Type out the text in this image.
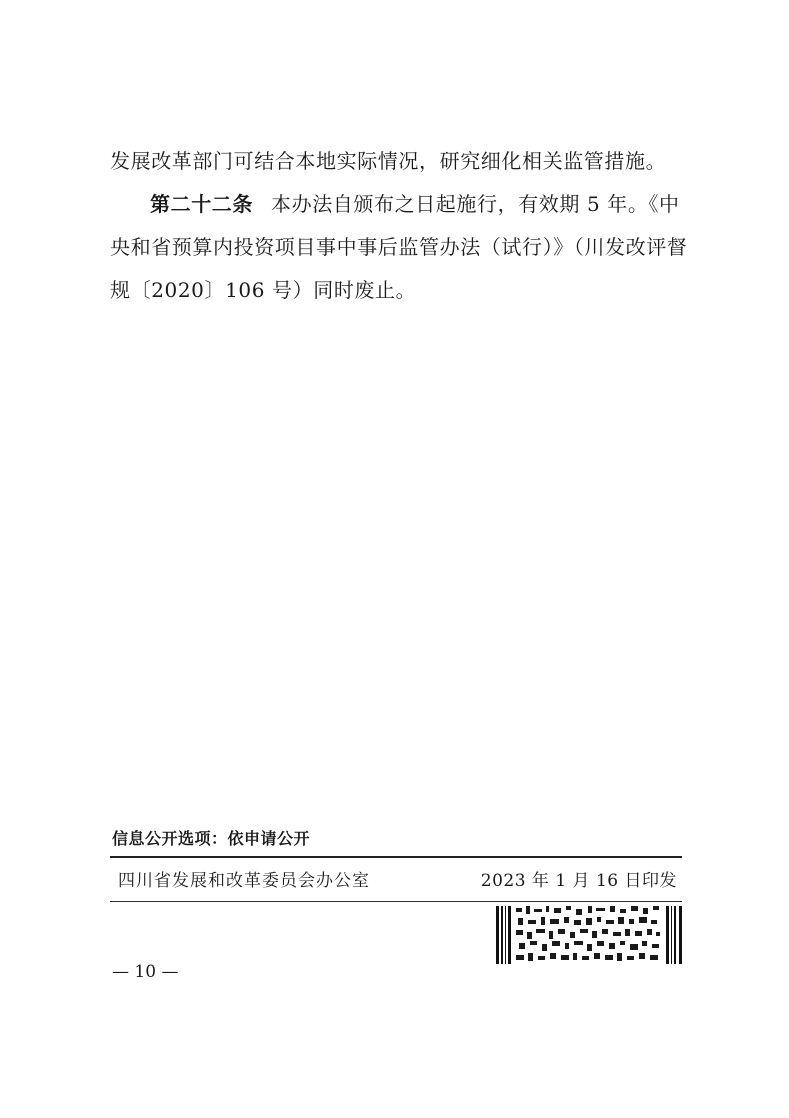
发展改革部门可结合本地实际情况，研究细化相关监管措施。
第二十二条 本办法自颁布之日起施行，有效期 5 年。《中
央和省预算内投资项目事中事后监管办法（试行）》（川发改评督
规〔2020〕106 号）同时废止。
信息公开选项：依申请公开
四川省发展和改革委员会办公室	2023 年 1 月 16 日印发
— 10 —
